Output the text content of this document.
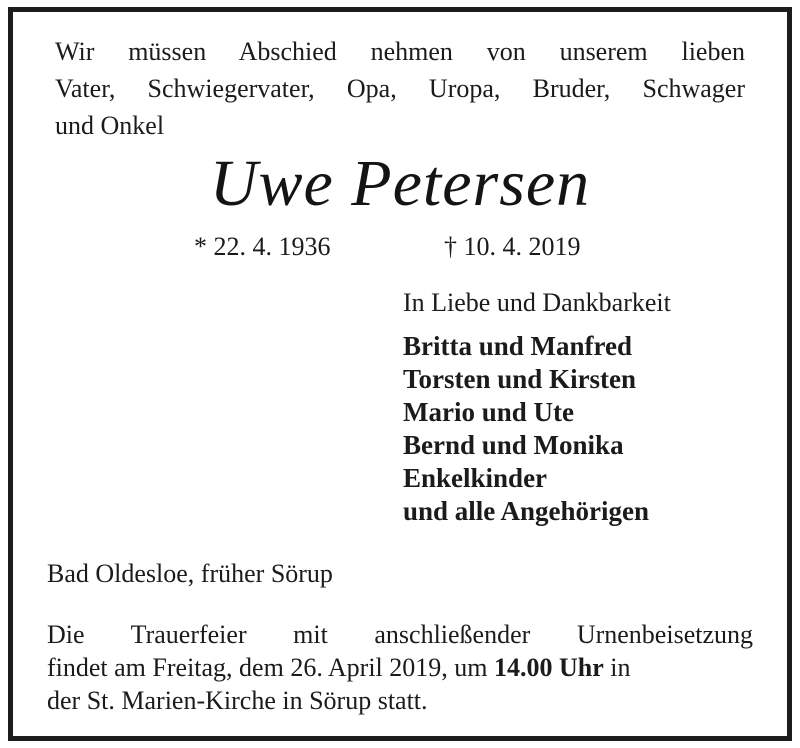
Wir müssen Abschied nehmen von unserem lieben
Vater, Schwiegervater, Opa, Uropa, Bruder, Schwager
und Onkel
Uwe Petersen
* 22. 4. 1936	† 10. 4. 2019
In Liebe und Dankbarkeit
Britta und Manfred
Torsten und Kirsten
Mario und Ute
Bernd und Monika
Enkelkinder
und alle Angehörigen
Bad Oldesloe, früher Sörup
Die Trauerfeier mit anschließender Urnenbeisetzung
findet am Freitag, dem 26. April 2019, um 14.00 Uhr in
der St. Marien-Kirche in Sörup statt.
